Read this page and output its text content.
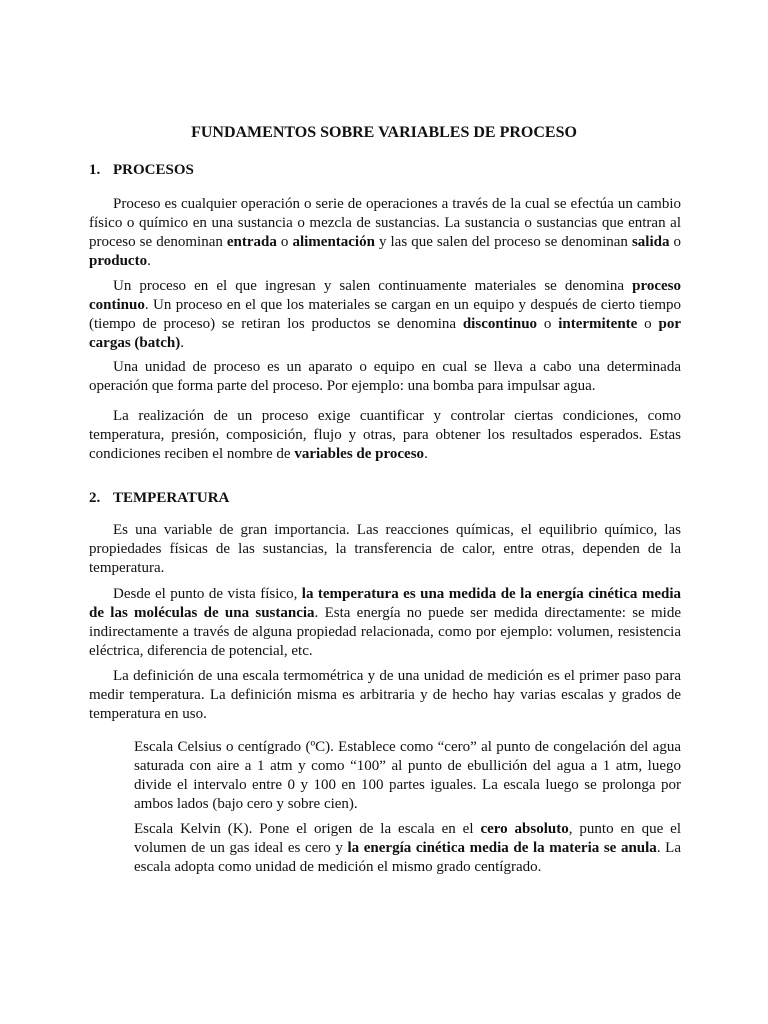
FUNDAMENTOS SOBRE VARIABLES DE PROCESO
1. PROCESOS

Proceso es cualquier operación o serie de operaciones a través de la cual se efectúa un cambio físico o químico en una sustancia o mezcla de sustancias. La sustancia o sustancias que entran al proceso se denominan entrada o alimentación y las que salen del proceso se denominan salida o producto.

Un proceso en el que ingresan y salen continuamente materiales se denomina proceso continuo. Un proceso en el que los materiales se cargan en un equipo y después de cierto tiempo (tiempo de proceso) se retiran los productos se denomina discontinuo o intermitente o por cargas (batch).

Una unidad de proceso es un aparato o equipo en cual se lleva a cabo una determinada operación que forma parte del proceso. Por ejemplo: una bomba para impulsar agua.

La realización de un proceso exige cuantificar y controlar ciertas condiciones, como temperatura, presión, composición, flujo y otras, para obtener los resultados esperados. Estas condiciones reciben el nombre de variables de proceso.

2. TEMPERATURA

Es una variable de gran importancia. Las reacciones químicas, el equilibrio químico, las propiedades físicas de las sustancias, la transferencia de calor, entre otras, dependen de la temperatura.

Desde el punto de vista físico, la temperatura es una medida de la energía cinética media de las moléculas de una sustancia. Esta energía no puede ser medida directamente: se mide indirectamente a través de alguna propiedad relacionada, como por ejemplo: volumen, resistencia eléctrica, diferencia de potencial, etc.

La definición de una escala termométrica y de una unidad de medición es el primer paso para medir temperatura. La definición misma es arbitraria y de hecho hay varias escalas y grados de temperatura en uso.

Escala Celsius o centígrado (ºC). Establece como “cero” al punto de congelación del agua saturada con aire a 1 atm y como “100” al punto de ebullición del agua a 1 atm, luego divide el intervalo entre 0 y 100 en 100 partes iguales. La escala luego se prolonga por ambos lados (bajo cero y sobre cien).

Escala Kelvin (K). Pone el origen de la escala en el cero absoluto, punto en que el volumen de un gas ideal es cero y la energía cinética media de la materia se anula. La escala adopta como unidad de medición el mismo grado centígrado.
